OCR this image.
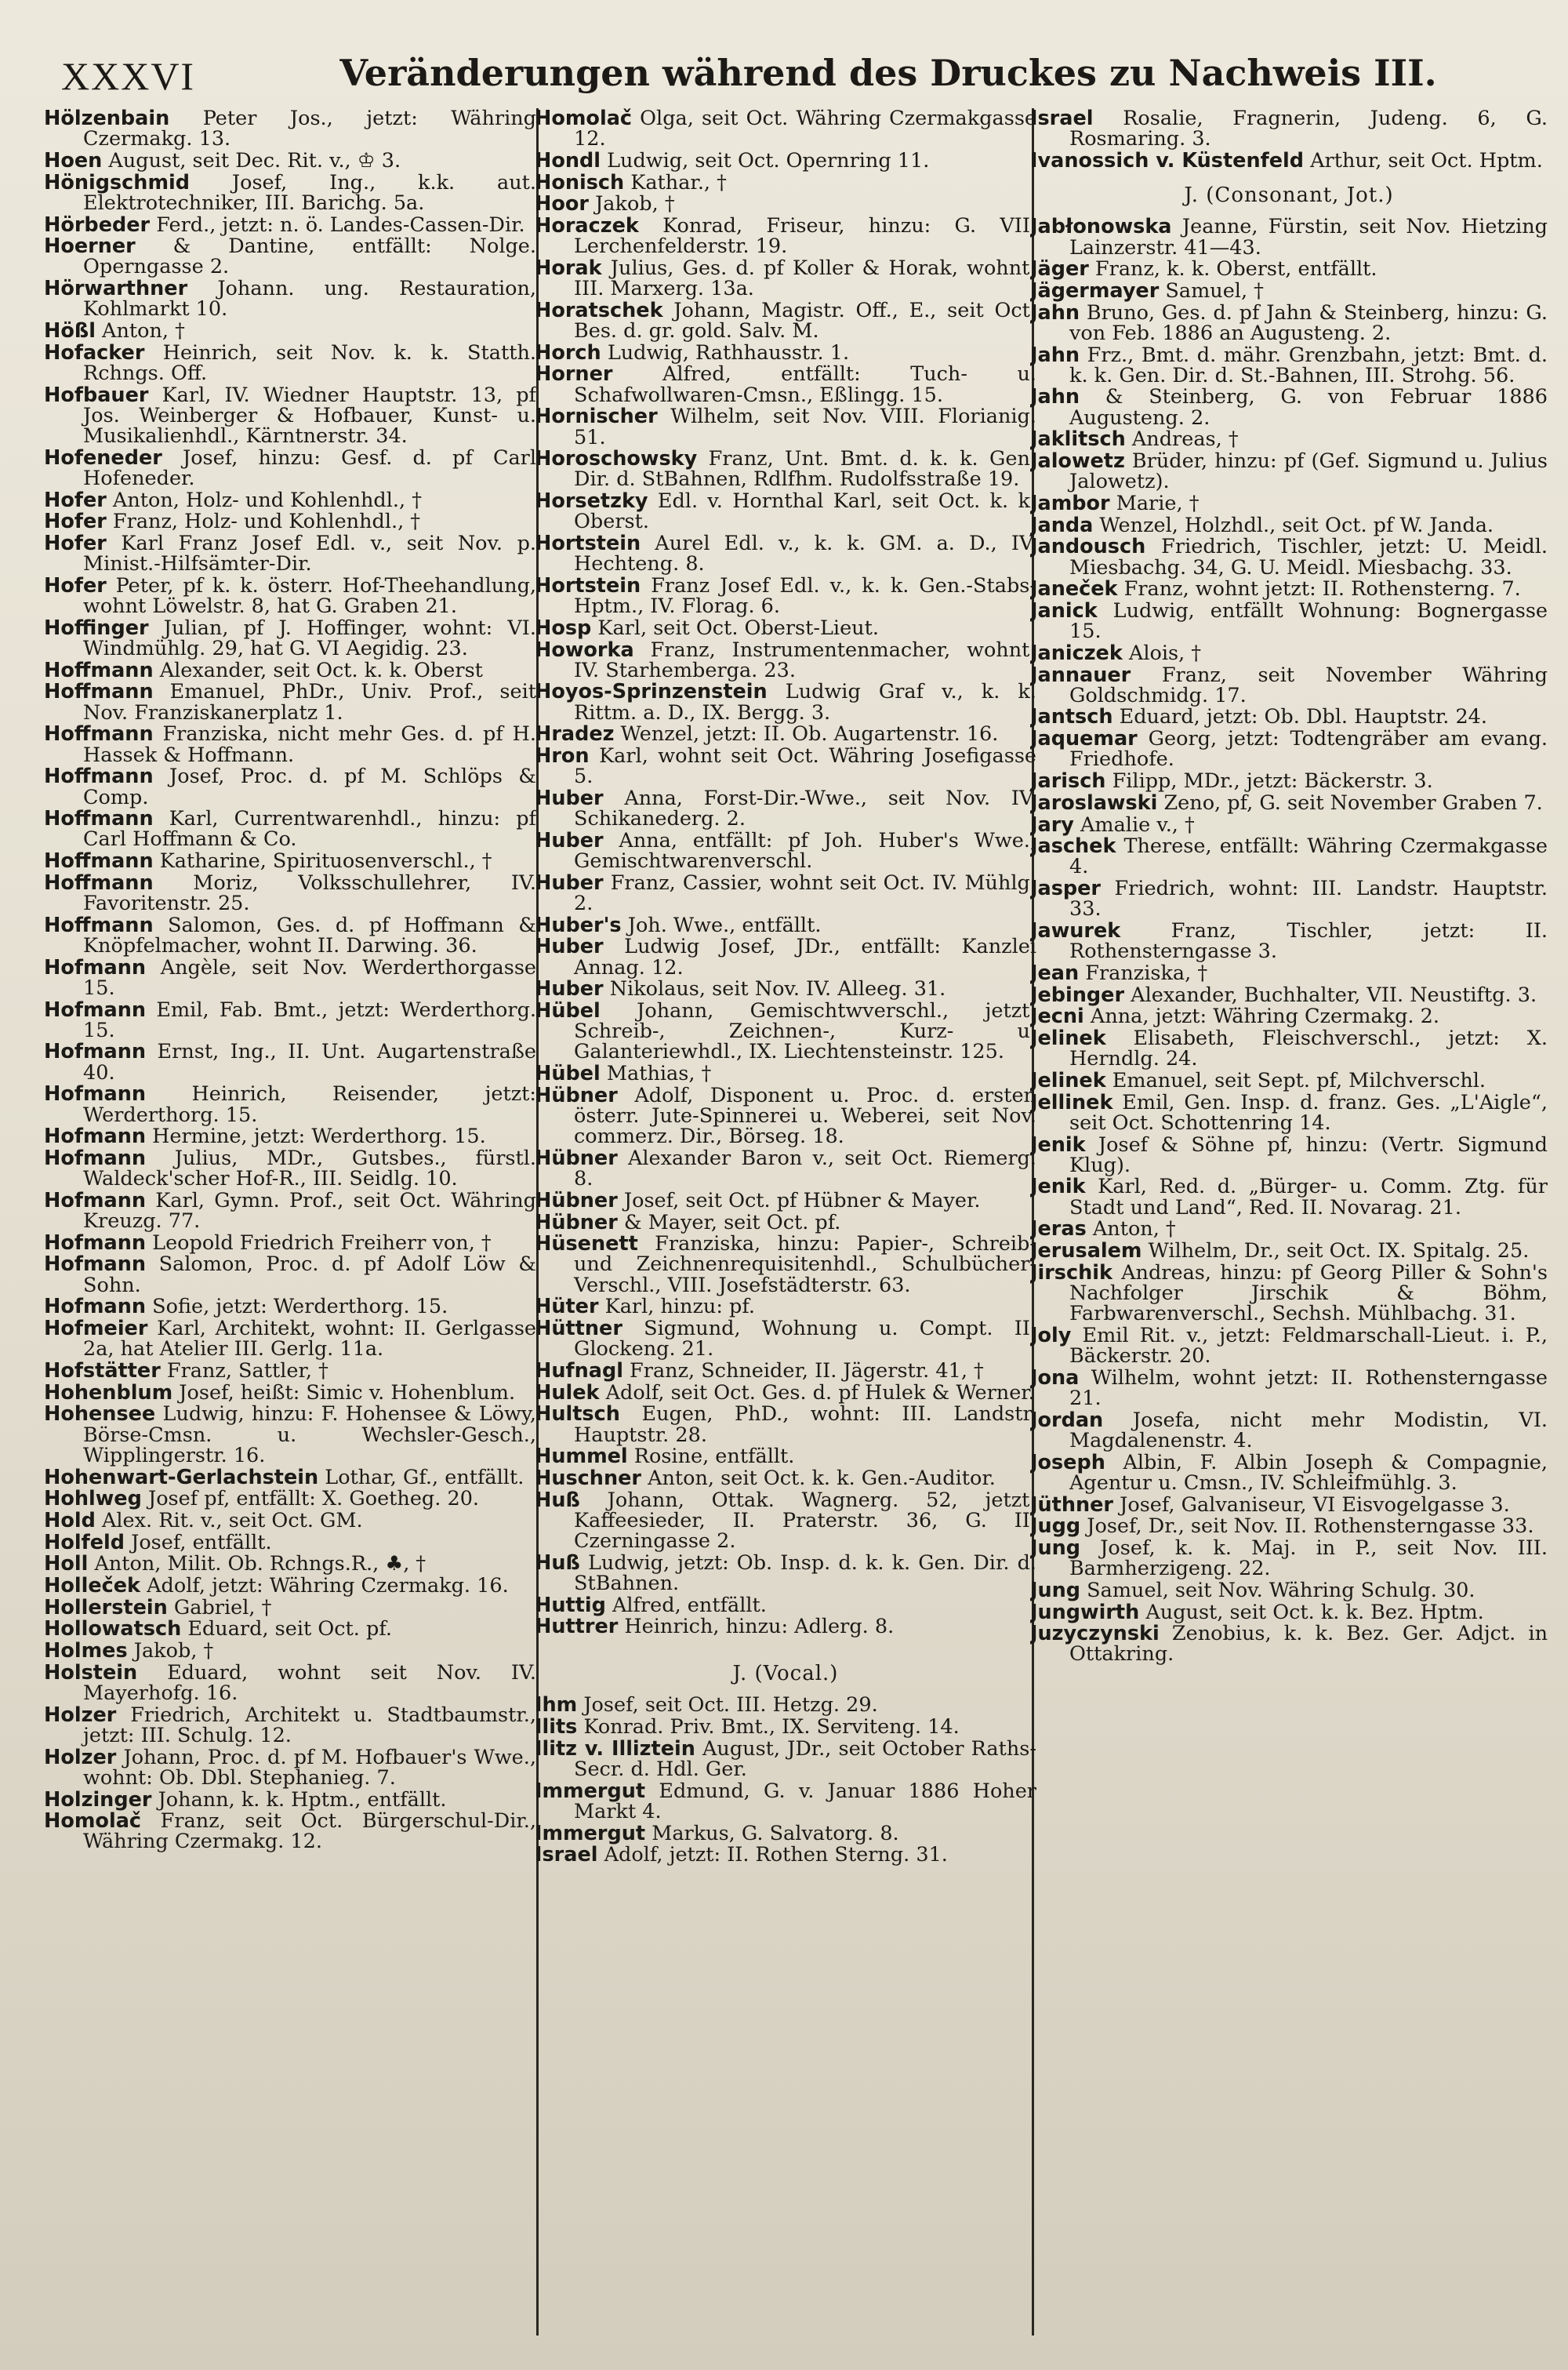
XXXVI	Veränderungen während des Druckes zu Nachweis III.
Hölzenbain Peter Jos., jetzt: Währing Czermakg. 13.
Hoen August, seit Dec. Rit. v., ♔ 3.
Hönigschmid Josef, Ing., k.k. aut. Elektrotechniker, III. Barichg. 5a.
Hörbeder Ferd., jetzt: n. ö. Landes-Cassen-Dir.
Hoerner & Dantine, entfällt: Nolge. Operngasse 2.
Hörwarthner Johann. ung. Restauration, Kohlmarkt 10.
Hößl Anton, †
Hofacker Heinrich, seit Nov. k. k. Statth. Rchngs. Off.
Hofbauer Karl, IV. Wiedner Hauptstr. 13, pf Jos. Weinberger & Hofbauer, Kunst- u. Musikalienhdl., Kärntnerstr. 34.
Hofeneder Josef, hinzu: Gesf. d. pf Carl Hofeneder.
Hofer Anton, Holz- und Kohlenhdl., †
Hofer Franz, Holz- und Kohlenhdl., †
Hofer Karl Franz Josef Edl. v., seit Nov. p. Minist.-Hilfsämter-Dir.
Hofer Peter, pf k. k. österr. Hof-Theehandlung, wohnt Löwelstr. 8, hat G. Graben 21.
Hoffinger Julian, pf J. Hoffinger, wohnt: VI. Windmühlg. 29, hat G. VI Aegidig. 23.
Hoffmann Alexander, seit Oct. k. k. Oberst
Hoffmann Emanuel, PhDr., Univ. Prof., seit Nov. Franziskanerplatz 1.
Hoffmann Franziska, nicht mehr Ges. d. pf H. Hassek & Hoffmann.
Hoffmann Josef, Proc. d. pf M. Schlöps & Comp.
Hoffmann Karl, Currentwarenhdl., hinzu: pf Carl Hoffmann & Co.
Hoffmann Katharine, Spirituosenverschl., †
Hoffmann Moriz, Volksschullehrer, IV. Favoritenstr. 25.
Hoffmann Salomon, Ges. d. pf Hoffmann & Knöpfelmacher, wohnt II. Darwing. 36.
Hofmann Angèle, seit Nov. Werderthorgasse 15.
Hofmann Emil, Fab. Bmt., jetzt: Werderthorg. 15.
Hofmann Ernst, Ing., II. Unt. Augartenstraße 40.
Hofmann Heinrich, Reisender, jetzt: Werderthorg. 15.
Hofmann Hermine, jetzt: Werderthorg. 15.
Hofmann Julius, MDr., Gutsbes., fürstl. Waldeck'scher Hof-R., III. Seidlg. 10.
Hofmann Karl, Gymn. Prof., seit Oct. Währing Kreuzg. 77.
Hofmann Leopold Friedrich Freiherr von, †
Hofmann Salomon, Proc. d. pf Adolf Löw & Sohn.
Hofmann Sofie, jetzt: Werderthorg. 15.
Hofmeier Karl, Architekt, wohnt: II. Gerlgasse 2a, hat Atelier III. Gerlg. 11a.
Hofstätter Franz, Sattler, †
Hohenblum Josef, heißt: Simic v. Hohenblum.
Hohensee Ludwig, hinzu: F. Hohensee & Löwy, Börse-Cmsn. u. Wechsler-Gesch., Wipplingerstr. 16.
Hohenwart-Gerlachstein Lothar, Gf., entfällt.
Hohlweg Josef pf, entfällt: X. Goetheg. 20.
Hold Alex. Rit. v., seit Oct. GM.
Holfeld Josef, entfällt.
Holl Anton, Milit. Ob. Rchngs.R., ♣, †
Holleček Adolf, jetzt: Währing Czermakg. 16.
Hollerstein Gabriel, †
Hollowatsch Eduard, seit Oct. pf.
Holmes Jakob, †
Holstein Eduard, wohnt seit Nov. IV. Mayerhofg. 16.
Holzer Friedrich, Architekt u. Stadtbaumstr., jetzt: III. Schulg. 12.
Holzer Johann, Proc. d. pf M. Hofbauer's Wwe., wohnt: Ob. Dbl. Stephanieg. 7.
Holzinger Johann, k. k. Hptm., entfällt.
Homolač Franz, seit Oct. Bürgerschul-Dir., Währing Czermakg. 12.
Homolač Olga, seit Oct. Währing Czermakgasse 12.
Hondl Ludwig, seit Oct. Opernring 11.
Honisch Kathar., †
Hoor Jakob, †
Horaczek Konrad, Friseur, hinzu: G. VII. Lerchenfelderstr. 19.
Horak Julius, Ges. d. pf Koller & Horak, wohnt: III. Marxerg. 13a.
Horatschek Johann, Magistr. Off., E., seit Oct. Bes. d. gr. gold. Salv. M.
Horch Ludwig, Rathhausstr. 1.
Horner Alfred, entfällt: Tuch- u. Schafwollwaren-Cmsn., Eßlingg. 15.
Hornischer Wilhelm, seit Nov. VIII. Florianig. 51.
Horoschowsky Franz, Unt. Bmt. d. k. k. Gen. Dir. d. StBahnen, Rdlfhm. Rudolfsstraße 19.
Horsetzky Edl. v. Hornthal Karl, seit Oct. k. k. Oberst.
Hortstein Aurel Edl. v., k. k. GM. a. D., IV. Hechteng. 8.
Hortstein Franz Josef Edl. v., k. k. Gen.-Stabs-Hptm., IV. Florag. 6.
Hosp Karl, seit Oct. Oberst-Lieut.
Howorka Franz, Instrumentenmacher, wohnt: IV. Starhemberga. 23.
Hoyos-Sprinzenstein Ludwig Graf v., k. k. Rittm. a. D., IX. Bergg. 3.
Hradez Wenzel, jetzt: II. Ob. Augartenstr. 16.
Hron Karl, wohnt seit Oct. Währing Josefigasse 5.
Huber Anna, Forst-Dir.-Wwe., seit Nov. IV. Schikanederg. 2.
Huber Anna, entfällt: pf Joh. Huber's Wwe., Gemischtwarenverschl.
Huber Franz, Cassier, wohnt seit Oct. IV. Mühlg. 2.
Huber's Joh. Wwe., entfällt.
Huber Ludwig Josef, JDr., entfällt: Kanzlei Annag. 12.
Huber Nikolaus, seit Nov. IV. Alleeg. 31.
Hübel Johann, Gemischtwverschl., jetzt: Schreib-, Zeichnen-, Kurz- u. Galanteriewhdl., IX. Liechtensteinstr. 125.
Hübel Mathias, †
Hübner Adolf, Disponent u. Proc. d. ersten österr. Jute-Spinnerei u. Weberei, seit Nov. commerz. Dir., Börseg. 18.
Hübner Alexander Baron v., seit Oct. Riemerg. 8.
Hübner Josef, seit Oct. pf Hübner & Mayer.
Hübner & Mayer, seit Oct. pf.
Hüsenett Franziska, hinzu: Papier-, Schreib- und Zeichnenrequisitenhdl., Schulbücher-Verschl., VIII. Josefstädterstr. 63.
Hüter Karl, hinzu: pf.
Hüttner Sigmund, Wohnung u. Compt. II. Glockeng. 21.
Hufnagl Franz, Schneider, II. Jägerstr. 41, †
Hulek Adolf, seit Oct. Ges. d. pf Hulek & Werner.
Hultsch Eugen, PhD., wohnt: III. Landstr. Hauptstr. 28.
Hummel Rosine, entfällt.
Huschner Anton, seit Oct. k. k. Gen.-Auditor.
Huß Johann, Ottak. Wagnerg. 52, jetzt: Kaffeesieder, II. Praterstr. 36, G. II. Czerningasse 2.
Huß Ludwig, jetzt: Ob. Insp. d. k. k. Gen. Dir. d. StBahnen.
Huttig Alfred, entfällt.
Huttrer Heinrich, hinzu: Adlerg. 8.
J. (Vocal.)
Ihm Josef, seit Oct. III. Hetzg. 29.
Ilits Konrad. Priv. Bmt., IX. Serviteng. 14.
Ilitz v. Illiztein August, JDr., seit October Raths-Secr. d. Hdl. Ger.
Immergut Edmund, G. v. Januar 1886 Hoher Markt 4.
Immergut Markus, G. Salvatorg. 8.
Israel Adolf, jetzt: II. Rothen Sterng. 31.
Israel Rosalie, Fragnerin, Judeng. 6, G. Rosmaring. 3.
Ivanossich v. Küstenfeld Arthur, seit Oct. Hptm.
J. (Consonant, Jot.)
Jabłonowska Jeanne, Fürstin, seit Nov. Hietzing Lainzerstr. 41—43.
Jäger Franz, k. k. Oberst, entfällt.
Jägermayer Samuel, †
Jahn Bruno, Ges. d. pf Jahn & Steinberg, hinzu: G. von Feb. 1886 an Augusteng. 2.
Jahn Frz., Bmt. d. mähr. Grenzbahn, jetzt: Bmt. d. k. k. Gen. Dir. d. St.-Bahnen, III. Strohg. 56.
Jahn & Steinberg, G. von Februar 1886 Augusteng. 2.
Jaklitsch Andreas, †
Jalowetz Brüder, hinzu: pf (Gef. Sigmund u. Julius Jalowetz).
Jambor Marie, †
Janda Wenzel, Holzhdl., seit Oct. pf W. Janda.
Jandousch Friedrich, Tischler, jetzt: U. Meidl. Miesbachg. 34, G. U. Meidl. Miesbachg. 33.
Janeček Franz, wohnt jetzt: II. Rothensterng. 7.
Janick Ludwig, entfällt Wohnung: Bognergasse 15.
Janiczek Alois, †
Jannauer Franz, seit November Währing Goldschmidg. 17.
Jantsch Eduard, jetzt: Ob. Dbl. Hauptstr. 24.
Jaquemar Georg, jetzt: Todtengräber am evang. Friedhofe.
Jarisch Filipp, MDr., jetzt: Bäckerstr. 3.
Jaroslawski Zeno, pf, G. seit November Graben 7.
Jary Amalie v., †
Jaschek Therese, entfällt: Währing Czermakgasse 4.
Jasper Friedrich, wohnt: III. Landstr. Hauptstr. 33.
Jawurek Franz, Tischler, jetzt: II. Rothensterngasse 3.
Jean Franziska, †
Jebinger Alexander, Buchhalter, VII. Neustiftg. 3.
Jecni Anna, jetzt: Währing Czermakg. 2.
Jelinek Elisabeth, Fleischverschl., jetzt: X. Herndlg. 24.
Jelinek Emanuel, seit Sept. pf, Milchverschl.
Jellinek Emil, Gen. Insp. d. franz. Ges. „L'Aigle“, seit Oct. Schottenring 14.
Jenik Josef & Söhne pf, hinzu: (Vertr. Sigmund Klug).
Jenik Karl, Red. d. „Bürger- u. Comm. Ztg. für Stadt und Land“, Red. II. Novarag. 21.
Jeras Anton, †
Jerusalem Wilhelm, Dr., seit Oct. IX. Spitalg. 25.
Jirschik Andreas, hinzu: pf Georg Piller & Sohn's Nachfolger Jirschik & Böhm, Farbwarenverschl., Sechsh. Mühlbachg. 31.
Joly Emil Rit. v., jetzt: Feldmarschall-Lieut. i. P., Bäckerstr. 20.
Jona Wilhelm, wohnt jetzt: II. Rothensterngasse 21.
Jordan Josefa, nicht mehr Modistin, VI. Magdalenenstr. 4.
Joseph Albin, F. Albin Joseph & Compagnie, Agentur u. Cmsn., IV. Schleifmühlg. 3.
Jüthner Josef, Galvaniseur, VI Eisvogelgasse 3.
Jugg Josef, Dr., seit Nov. II. Rothensterngasse 33.
Jung Josef, k. k. Maj. in P., seit Nov. III. Barmherzigeng. 22.
Jung Samuel, seit Nov. Währing Schulg. 30.
Jungwirth August, seit Oct. k. k. Bez. Hptm.
Juzyczynski Zenobius, k. k. Bez. Ger. Adjct. in Ottakring.
